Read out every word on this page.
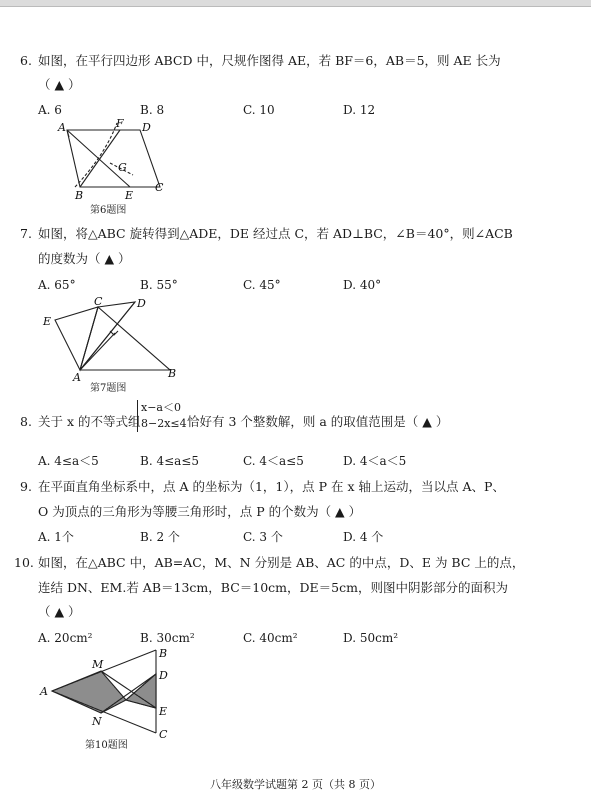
6. 如图，在平行四边形 ABCD 中，尺规作图得 AE，若 BF＝6，AB＝5，则 AE 长为
（ ▲ ）
A. 6	B. 8	C. 10	D. 12
A	F D
G
B	E
C
第6题图
7. 如图，将△ABC 旋转得到△ADE，DE 经过点 C，若 AD⊥BC，∠B＝40°，则∠ACB
的度数为（ ▲ ）
A. 65°	B. 55°	C. 45°	D. 40°
C	D
E
A	B
第7题图
8. 关于 x 的不等式组
x−a＜0
8−2x≤4 恰好有 3 个整数解，则 a 的取值范围是（ ▲ ）
A. 4≤a＜5	B. 4≤a≤5	C. 4＜a≤5	D. 4＜a＜5
9. 在平面直角坐标系中，点 A 的坐标为（1，1），点 P 在 x 轴上运动，当以点 A、P、
O 为顶点的三角形为等腰三角形时，点 P 的个数为（ ▲ ）
A. 1个	B. 2 个	C. 3 个	D. 4 个
10. 如图，在△ABC 中，AB=AC，M、N 分别是 AB、AC 的中点，D、E 为 BC 上的点，
连结 DN、EM.若 AB＝13cm，BC＝10cm，DE＝5cm，则图中阴影部分的面积为
（ ▲ ）
A. 20cm²	B. 30cm²	C. 40cm²	D. 50cm²
M
B
D
A
E
N
C
第10题图
八年级数学试题第 2 页（共 8 页）
